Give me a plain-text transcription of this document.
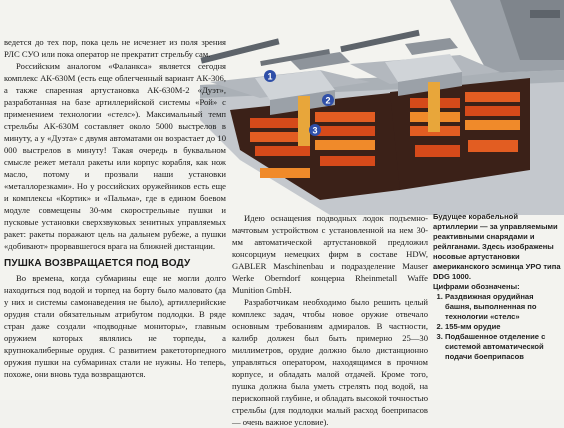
1
2
3

ведется до тех пор, пока цель не исчезнет из поля зрения РЛС СУО или пока оператор не прекратит стрельбу сам.

Российским аналогом «Фаланкса» является сегодня комплекс АК-630М (есть еще облегченный вариант АК-306, а также спаренная артустановка АК-630М-2 «Дуэт», разработанная на базе артиллерийской системы «Рой» с применением технологии «стелс»). Максимальный темп стрельбы АК-630М составляет около 5000 выстрелов в минуту, а у «Дуэта» с двумя автоматами он возрастает до 10 000 выстрелов в минуту! Такая очередь в буквальном смысле режет металл ракеты или корпус корабля, как нож масло, потому и прозвали наши установки «металлорезками». Но у российских оружейников есть еще и комплексы «Кортик» и «Пальма», где в едином боевом модуле совмещены 30-мм скорострельные пушки и пусковые установки сверхзвуковых зенитных управляемых ракет: ракеты поражают цель на дальнем рубеже, а пушки «добивают» прорвавшегося врага на ближней дистанции.

ПУШКА ВОЗВРАЩАЕТСЯ ПОД ВОДУ

Во времена, когда субмарины еще не могли долго находиться под водой и торпед на борту было маловато (да у них и системы самонаведения не было), артиллерийские орудия стали обязательным атрибутом подлодки. В ряде стран даже создали «подводные мониторы», главным оружием которых являлись не торпеды, а крупнокалиберные орудия. С развитием ракетоторпедного оружия пушки на субмаринах стали не нужны. Но теперь, похоже, они вновь туда возвращаются.

Идею оснащения подводных лодок подъемно-мачтовым устройством с установленной на нем 30-мм автоматической артустановкой предложил консорциум немецких фирм в составе HDW, GABLER Maschinenbau и подразделение Mauser Werke Oberndorf концерна Rheinmetall Waffe Munition GmbH.

Разработчикам необходимо было решить целый комплекс задач, чтобы новое оружие отвечало основным требованиям адмиралов. В частности, калибр должен был быть примерно 25—30 миллиметров, орудие должно было дистанционно управляться оператором, находящимся в прочном корпусе, и обладать малой отдачей. Кроме того, пушка должна была уметь стрелять под водой, на перископной глубине, и обладать высокой точностью стрельбы (для подлодки малый расход боеприпасов — очень важное условие).

Будущее корабельной артиллерии — за управляемыми реактивными снарядами и рейлганами. Здесь изображены носовые артустановки американского эсминца УРО типа DDG 1000.

Цифрами обозначены:

1. Раздвижная орудийная башня, выполненная по технологии «стелс»
2. 155-мм орудие
3. Подбашенное отделение с системой автоматической подачи боеприпасов
